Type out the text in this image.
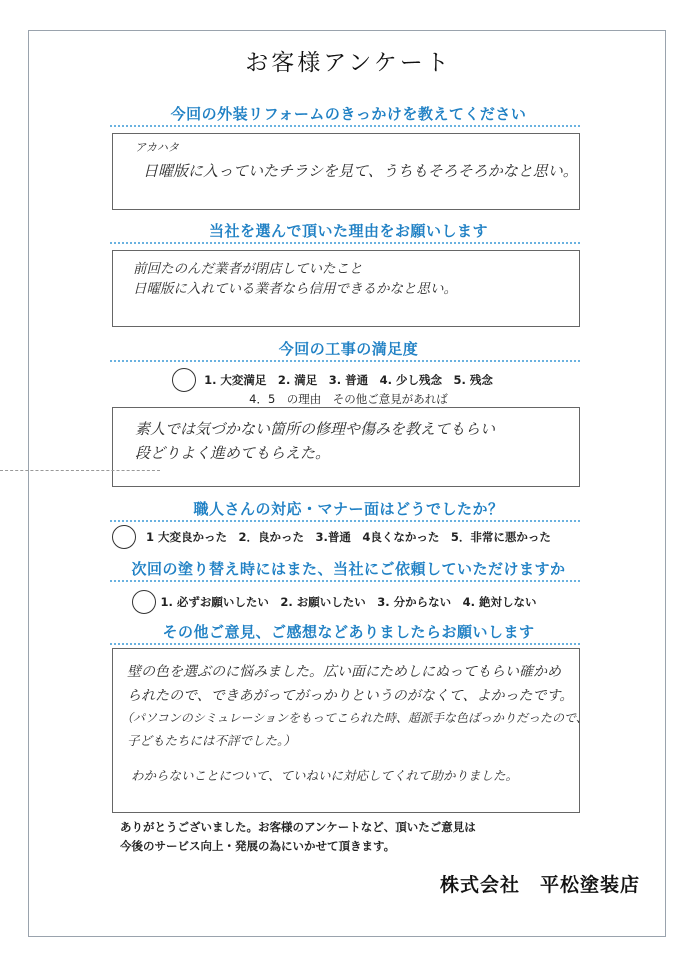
お客様アンケート
今回の外装リフォームのきっかけを教えてください
アカハタ
日曜版に入っていたチラシを見て、うちもそろそろかなと思い。
当社を選んで頂いた理由をお願いします
前回たのんだ業者が閉店していたこと
日曜版に入れている業者なら信用できるかなと思い。
今回の工事の満足度
1. 大変満足　2. 満足　3. 普通　4. 少し残念　5. 残念
4．5　の理由　その他ご意見があれば
素人では気づかない箇所の修理や傷みを教えてもらい
段どりよく進めてもらえた。
職人さんの対応・マナー面はどうでしたか？
1 大変良かった　2．良かった　3.普通　4良くなかった　5．非常に悪かった
次回の塗り替え時にはまた、当社にご依頼していただけますか
1. 必ずお願いしたい　2. お願いしたい　3. 分からない　4. 絶対しない
その他ご意見、ご感想などありましたらお願いします
壁の色を選ぶのに悩みました。広い面にためしにぬってもらい確かめ
られたので、できあがってがっかりというのがなくて、よかったです。
（パソコンのシミュレーションをもってこられた時、超派手な色ばっかりだったので、
子どもたちには不評でした。）
わからないことについて、ていねいに対応してくれて助かりました。
ありがとうございました。お客様のアンケートなど、頂いたご意見は
今後のサービス向上・発展の為にいかせて頂きます。
株式会社　平松塗装店
